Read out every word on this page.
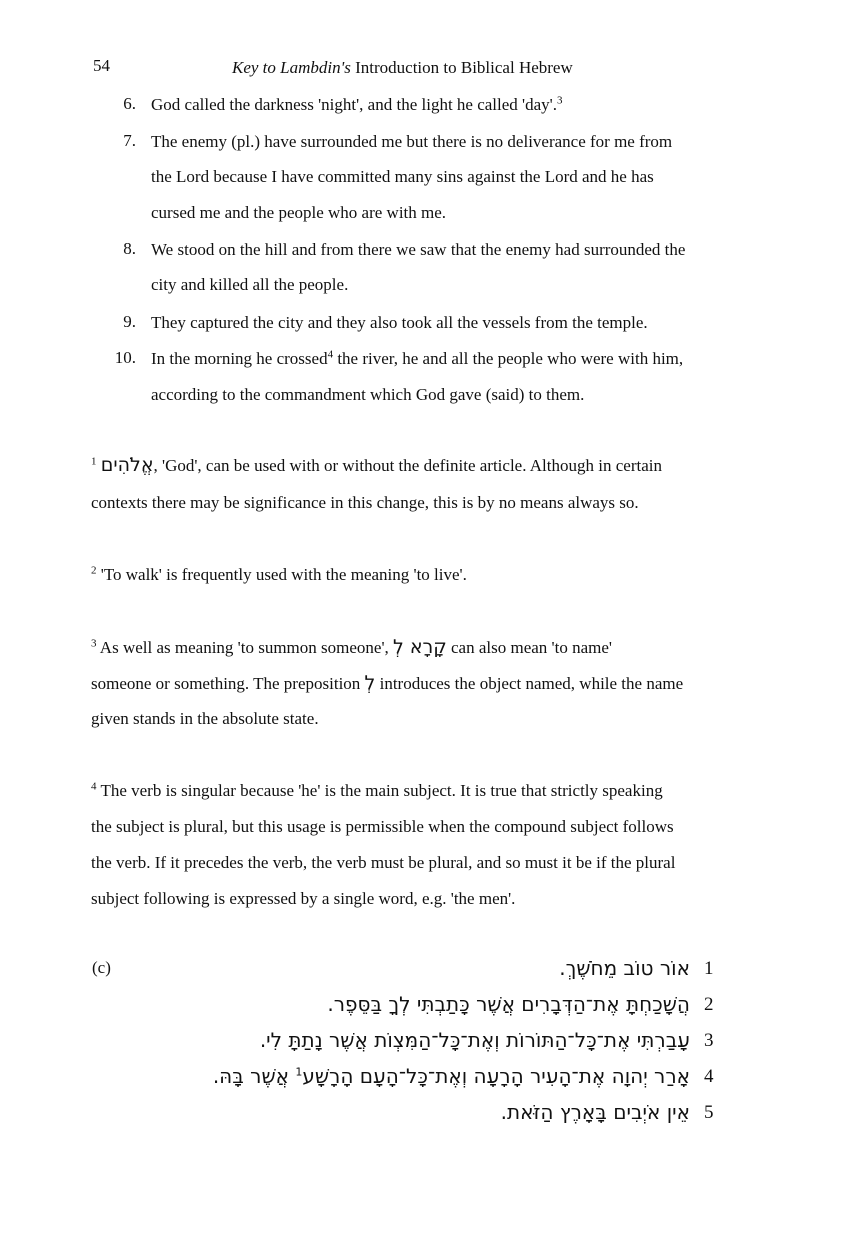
54	Key to Lambdin's Introduction to Biblical Hebrew
6. God called the darkness 'night', and the light he called 'day'.$^3$
7. The enemy (pl.) have surrounded me but there is no deliverance for me from
the Lord because I have committed many sins against the Lord and he has
cursed me and the people who are with me.
8. We stood on the hill and from there we saw that the enemy had surrounded the
city and killed all the people.
9. They captured the city and they also took all the vessels from the temple.
10. In the morning he crossed$^4$ the river, he and all the people who were with him,
according to the commandment which God gave (said) to them.
$^1$ אֱלֹהִים, 'God', can be used with or without the definite article. Although in certain
contexts there may be significance in this change, this is by no means always so.
$^2$ 'To walk' is frequently used with the meaning 'to live'.
$^3$ As well as meaning 'to summon someone', קָרָא לְ can also mean 'to name'
someone or something. The preposition לְ introduces the object named, while the name
given stands in the absolute state.
$^4$ The verb is singular because 'he' is the main subject. It is true that strictly speaking
the subject is plural, but this usage is permissible when the compound subject follows
the verb. If it precedes the verb, the verb must be plural, and so must it be if the plural
subject following is expressed by a single word, e.g. 'the men'.
(c)	אוֹר טוֹב מֵחֹשֶׁךְ. 1
הֲשָׁכַחְתָּ אֶת־הַדְּבָרִים אֲשֶׁר כָּתַבְתִּי לְךָ בַּסֵּפֶר. 2
עָבַרְתִּי אֶת־כָּל־הַתּוֹרוֹת וְאֶת־כָּל־הַמִּצְוֹת אֲשֶׁר נָתַתָּ לִי. 3
אָרַר יְהוָה אֶת־הָעִיר הָרָעָה וְאֶת־כָּל־הָעָם הָרָשָׁע$^1$ אֲשֶׁר בָּהּ.	4
אֵין אֹיְבִים בָּאָרֶץ הַזֹּאת. 5
